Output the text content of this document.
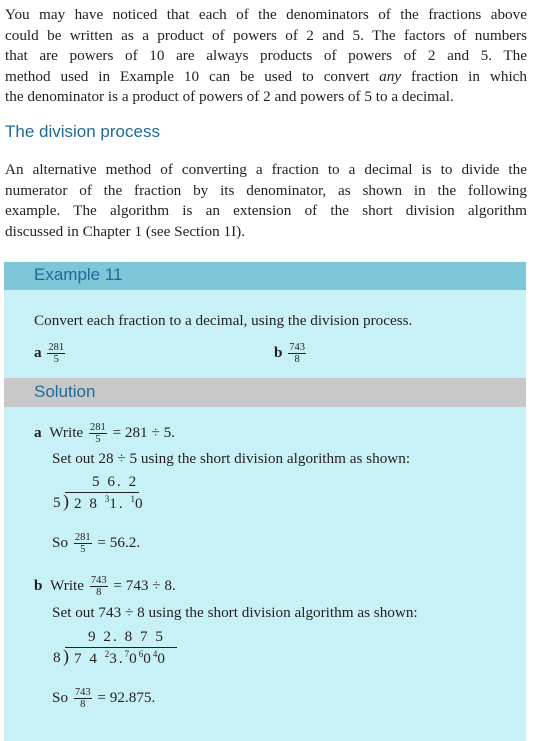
You may have noticed that each of the denominators of the fractions above
could be written as a product of powers of 2 and 5. The factors of numbers
that are powers of 10 are always products of powers of 2 and 5. The
method used in Example 10 can be used to convert any fraction in which
the denominator is a product of powers of 2 and powers of 5 to a decimal.
The division process
An alternative method of converting a fraction to a decimal is to divide the
numerator of the fraction by its denominator, as shown in the following
example. The algorithm is an extension of the short division algorithm
discussed in Chapter 1 (see Section 1I).
Example 11
Convert each fraction to a decimal, using the division process.
a $\frac{281}{5}$	b $\frac{743}{8}$
Solution
a Write $\frac{281}{5} = 281 \div 5$.
Set out 28 ÷ 5 using the short division algorithm as shown:
5 6. 2
5 ) 2 8 $^3$1. $^1$0
So $\frac{281}{5} = 56.2$.
b Write $\frac{743}{8} = 743 \div 8$.
Set out 743 ÷ 8 using the short division algorithm as shown:
9 2. 8 7 5
8 ) 7 4 $^23.^70^60^40$
So $\frac{743}{8} = 92.875$.
